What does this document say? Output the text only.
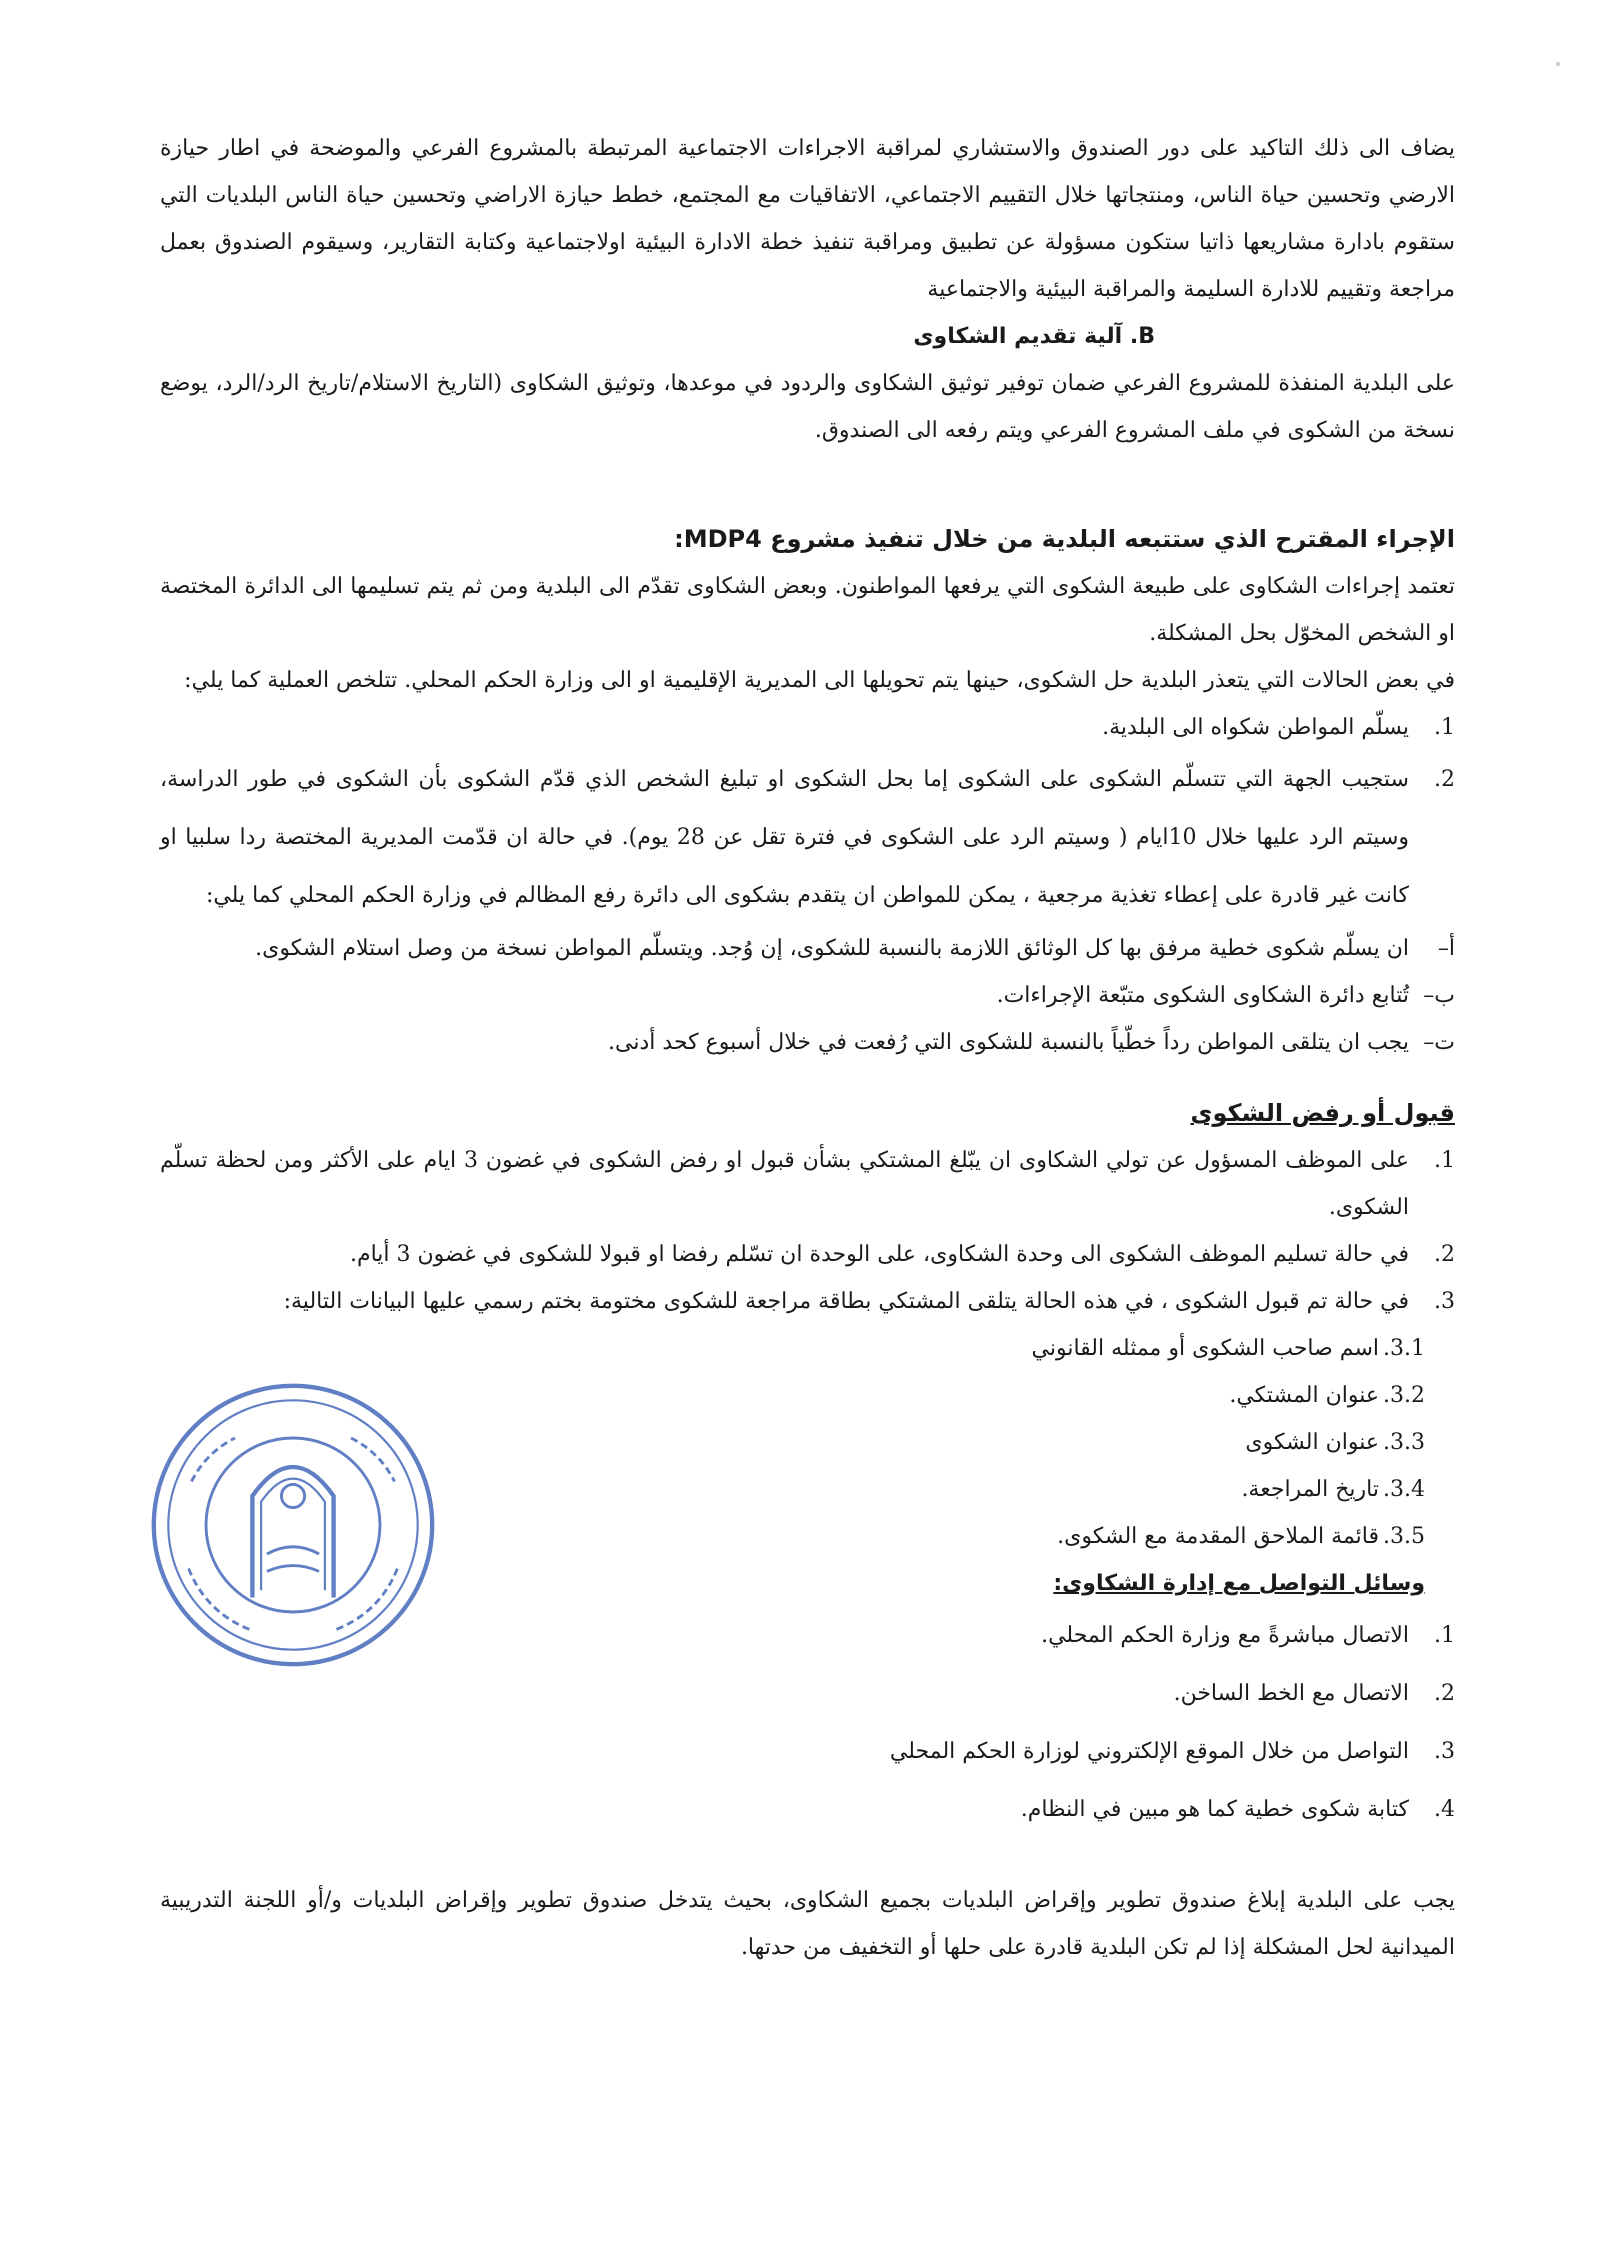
يضاف الى ذلك التاكيد على دور الصندوق والاستشاري لمراقبة الاجراءات الاجتماعية المرتبطة بالمشروع الفرعي والموضحة في اطار حيازة الارضي وتحسين حياة الناس، ومنتجاتها خلال التقييم الاجتماعي، الاتفاقيات مع المجتمع، خطط حيازة الاراضي وتحسين حياة الناس البلديات التي ستقوم بادارة مشاريعها ذاتيا ستكون مسؤولة عن تطبيق ومراقبة تنفيذ خطة الادارة البيئية اولاجتماعية وكتابة التقارير، وسيقوم الصندوق بعمل مراجعة وتقييم للادارة السليمة والمراقبة البيئية والاجتماعية

B. آلية تقديم الشكاوى

على البلدية المنفذة للمشروع الفرعي ضمان توفير توثيق الشكاوى والردود في موعدها، وتوثيق الشكاوى (التاريخ الاستلام/تاريخ الرد/الرد، يوضع نسخة من الشكوى في ملف المشروع الفرعي ويتم رفعه الى الصندوق.

الإجراء المقترح الذي ستتبعه البلدية من خلال تنفيذ مشروع MDP4:

تعتمد إجراءات الشكاوى على طبيعة الشكوى التي يرفعها المواطنون. وبعض الشكاوى تقدّم الى البلدية ومن ثم يتم تسليمها الى الدائرة المختصة او الشخص المخوّل بحل المشكلة.

في بعض الحالات التي يتعذر البلدية حل الشكوى، حينها يتم تحويلها الى المديرية الإقليمية او الى وزارة الحكم المحلي. تتلخص العملية كما يلي:

1.
يسلّم المواطن شكواه الى البلدية.
2.
ستجيب الجهة التي تتسلّم الشكوى على الشكوى إما بحل الشكوى او تبليغ الشخص الذي قدّم الشكوى بأن الشكوى في طور الدراسة، وسيتم الرد عليها خلال 10ايام ( وسيتم الرد على الشكوى في فترة تقل عن 28 يوم). في حالة ان قدّمت المديرية المختصة ردا سلبيا او كانت غير قادرة على إعطاء تغذية مرجعية ، يمكن للمواطن ان يتقدم بشكوى الى دائرة رفع المظالم في وزارة الحكم المحلي كما يلي:
أ–
ان يسلّم شكوى خطية مرفق بها كل الوثائق اللازمة بالنسبة للشكوى، إن وُجد. ويتسلّم المواطن نسخة من وصل استلام الشكوى.
ب–
تُتابع دائرة الشكاوى الشكوى متبّعة الإجراءات.
ت–
يجب ان يتلقى المواطن رداً خطّياً بالنسبة للشكوى التي رُفعت في خلال أسبوع كحد أدنى.

قبول أو رفض الشكوى

1.
على الموظف المسؤول عن تولي الشكاوى ان يبّلغ المشتكي بشأن قبول او رفض الشكوى في غضون 3 ايام على الأكثر ومن لحظة تسلّم الشكوى.
2.
في حالة تسليم الموظف الشكوى الى وحدة الشكاوى، على الوحدة ان تسّلم رفضا او قبولا للشكوى في غضون 3 أيام.
3.
في حالة تم قبول الشكوى ، في هذه الحالة يتلقى المشتكي بطاقة مراجعة للشكوى مختومة بختم رسمي عليها البيانات التالية:
3.1.
اسم صاحب الشكوى أو ممثله القانوني
3.2.
عنوان المشتكي.
3.3.
عنوان الشكوى
3.4.
تاريخ المراجعة.
3.5.
قائمة الملاحق المقدمة مع الشكوى.

وسائل التواصل مع إدارة الشكاوى:

1.
الاتصال مباشرةً مع وزارة الحكم المحلي.
2.
الاتصال مع الخط الساخن.
3.
التواصل من خلال الموقع الإلكتروني لوزارة الحكم المحلي
4.
كتابة شكوى خطية كما هو مبين في النظام.

يجب على البلدية إبلاغ صندوق تطوير وإقراض البلديات بجميع الشكاوى، بحيث يتدخل صندوق تطوير وإقراض البلديات و/أو اللجنة التدريبية الميدانية لحل المشكلة إذا لم تكن البلدية قادرة على حلها أو التخفيف من حدتها.
